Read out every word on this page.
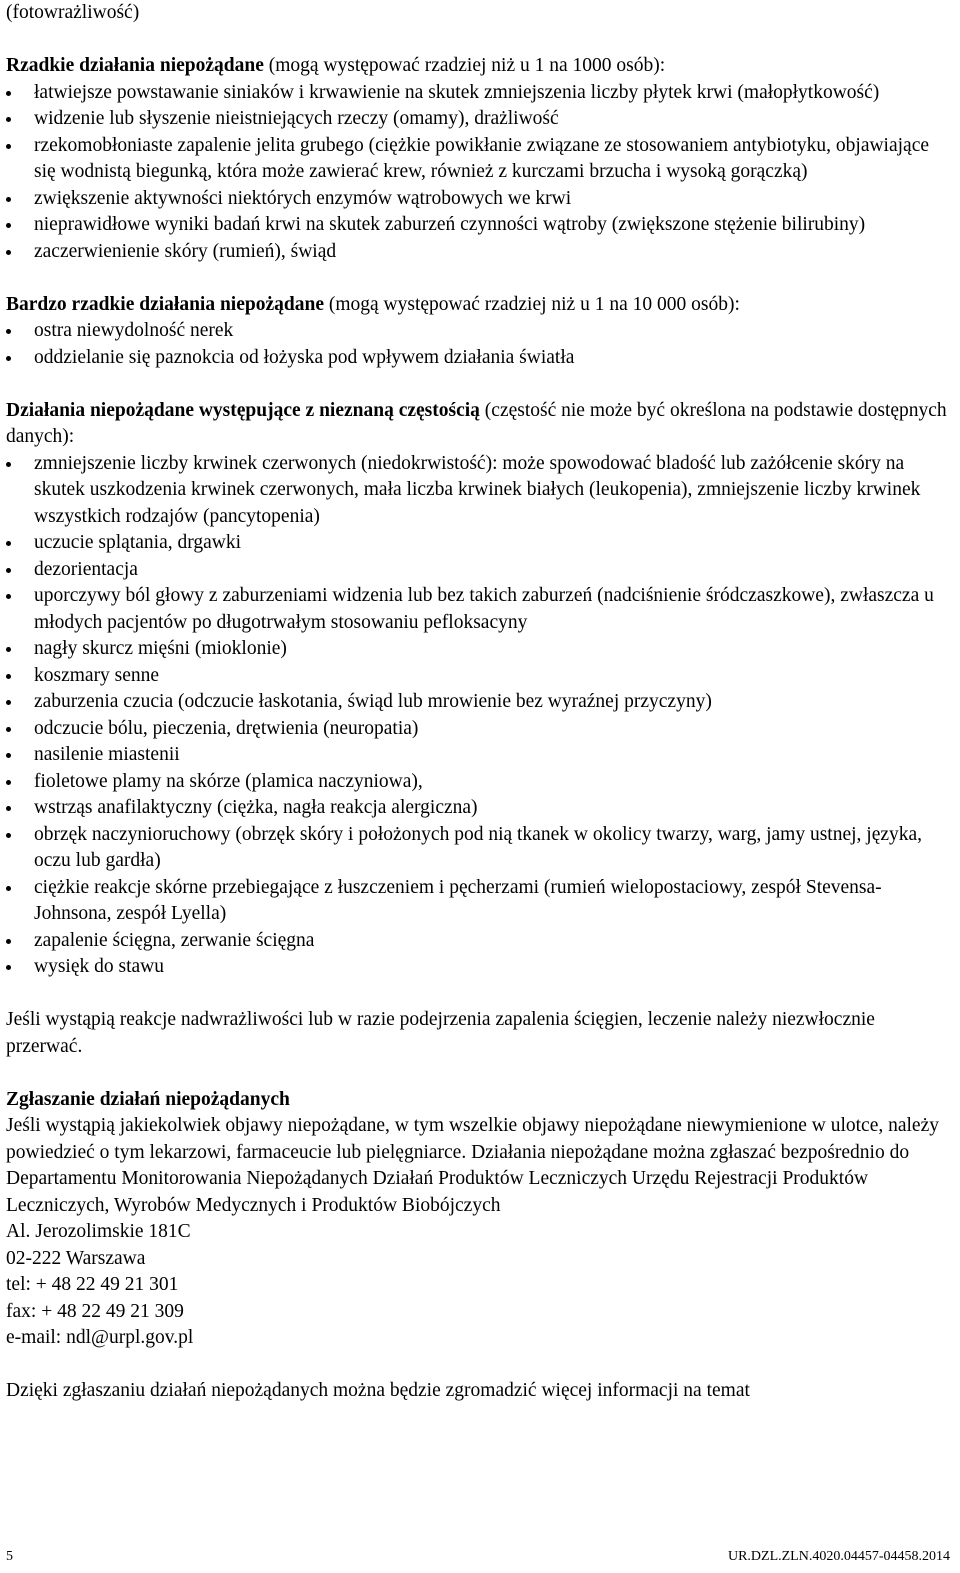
(fotowrażliwość)

Rzadkie działania niepożądane (mogą występować rzadziej niż u 1 na 1000 osób):

łatwiejsze powstawanie siniaków i krwawienie na skutek zmniejszenia liczby płytek krwi (małopłytkowość)
widzenie lub słyszenie nieistniejących rzeczy (omamy), drażliwość
rzekomobłoniaste zapalenie jelita grubego (ciężkie powikłanie związane ze stosowaniem antybiotyku, objawiające się wodnistą biegunką, która może zawierać krew, również z kurczami brzucha i wysoką gorączką)
zwiększenie aktywności niektórych enzymów wątrobowych we krwi
nieprawidłowe wyniki badań krwi na skutek zaburzeń czynności wątroby (zwiększone stężenie bilirubiny)
zaczerwienienie skóry (rumień), świąd

Bardzo rzadkie działania niepożądane (mogą występować rzadziej niż u 1 na 10 000 osób):

ostra niewydolność nerek
oddzielanie się paznokcia od łożyska pod wpływem działania światła

Działania niepożądane występujące z nieznaną częstością (częstość nie może być określona na podstawie dostępnych danych):

zmniejszenie liczby krwinek czerwonych (niedokrwistość): może spowodować bladość lub zażółcenie skóry na skutek uszkodzenia krwinek czerwonych, mała liczba krwinek białych (leukopenia), zmniejszenie liczby krwinek wszystkich rodzajów (pancytopenia)
uczucie splątania, drgawki
dezorientacja
uporczywy ból głowy z zaburzeniami widzenia lub bez takich zaburzeń (nadciśnienie śródczaszkowe), zwłaszcza u młodych pacjentów po długotrwałym stosowaniu pefloksacyny
nagły skurcz mięśni (mioklonie)
koszmary senne
zaburzenia czucia (odczucie łaskotania, świąd lub mrowienie bez wyraźnej przyczyny)
odczucie bólu, pieczenia, drętwienia (neuropatia)
nasilenie miastenii
fioletowe plamy na skórze (plamica naczyniowa),
wstrząs anafilaktyczny (ciężka, nagła reakcja alergiczna)
obrzęk naczynioruchowy (obrzęk skóry i położonych pod nią tkanek w okolicy twarzy, warg, jamy ustnej, języka, oczu lub gardła)
ciężkie reakcje skórne przebiegające z łuszczeniem i pęcherzami (rumień wielopostaciowy, zespół Stevensa-Johnsona, zespół Lyella)
zapalenie ścięgna, zerwanie ścięgna
wysięk do stawu

Jeśli wystąpią reakcje nadwrażliwości lub w razie podejrzenia zapalenia ścięgien, leczenie należy niezwłocznie przerwać.

Zgłaszanie działań niepożądanych

Jeśli wystąpią jakiekolwiek objawy niepożądane, w tym wszelkie objawy niepożądane niewymienione w ulotce, należy powiedzieć o tym lekarzowi, farmaceucie lub pielęgniarce. Działania niepożądane można zgłaszać bezpośrednio do Departamentu Monitorowania Niepożądanych Działań Produktów Leczniczych Urzędu Rejestracji Produktów Leczniczych, Wyrobów Medycznych i Produktów Biobójczych

Al. Jerozolimskie 181C

02-222 Warszawa

tel: + 48 22 49 21 301

fax: + 48 22 49 21 309

e-mail: ndl@urpl.gov.pl

Dzięki zgłaszaniu działań niepożądanych można będzie zgromadzić więcej informacji na temat

5	UR.DZL.ZLN.4020.04457-04458.2014
